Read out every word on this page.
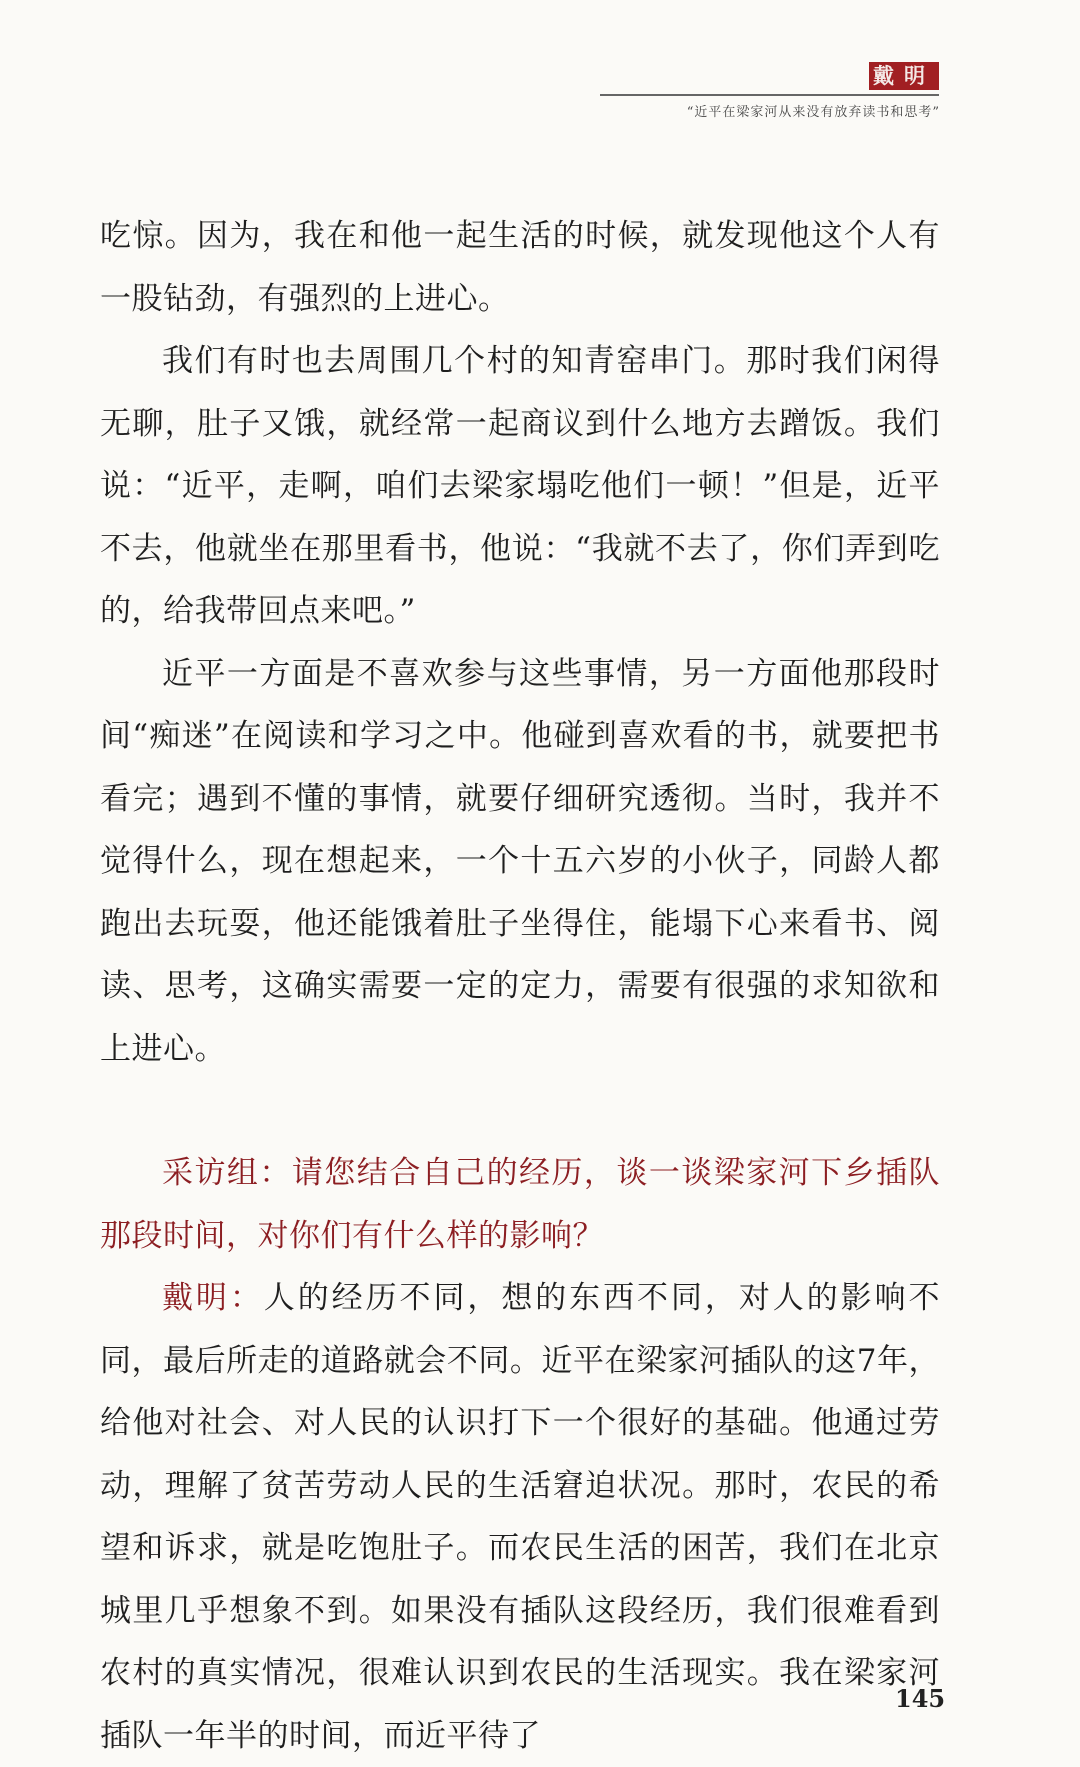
戴明
“近平在梁家河从来没有放弃读书和思考”

吃惊。因为，我在和他一起生活的时候，就发现他这个人有一股钻劲，有强烈的上进心。

我们有时也去周围几个村的知青窑串门。那时我们闲得无聊，肚子又饿，就经常一起商议到什么地方去蹭饭。我们说：“近平，走啊，咱们去梁家塌吃他们一顿！”但是，近平不去，他就坐在那里看书，他说：“我就不去了，你们弄到吃的，给我带回点来吧。”

近平一方面是不喜欢参与这些事情，另一方面他那段时间“痴迷”在阅读和学习之中。他碰到喜欢看的书，就要把书看完；遇到不懂的事情，就要仔细研究透彻。当时，我并不觉得什么，现在想起来，一个十五六岁的小伙子，同龄人都跑出去玩耍，他还能饿着肚子坐得住，能塌下心来看书、阅读、思考，这确实需要一定的定力，需要有很强的求知欲和上进心。

采访组：请您结合自己的经历，谈一谈梁家河下乡插队那段时间，对你们有什么样的影响？

戴明：人的经历不同，想的东西不同，对人的影响不同，最后所走的道路就会不同。近平在梁家河插队的这7年，给他对社会、对人民的认识打下一个很好的基础。他通过劳动，理解了贫苦劳动人民的生活窘迫状况。那时，农民的希望和诉求，就是吃饱肚子。而农民生活的困苦，我们在北京城里几乎想象不到。如果没有插队这段经历，我们很难看到农村的真实情况，很难认识到农民的生活现实。我在梁家河插队一年半的时间，而近平待了

145
